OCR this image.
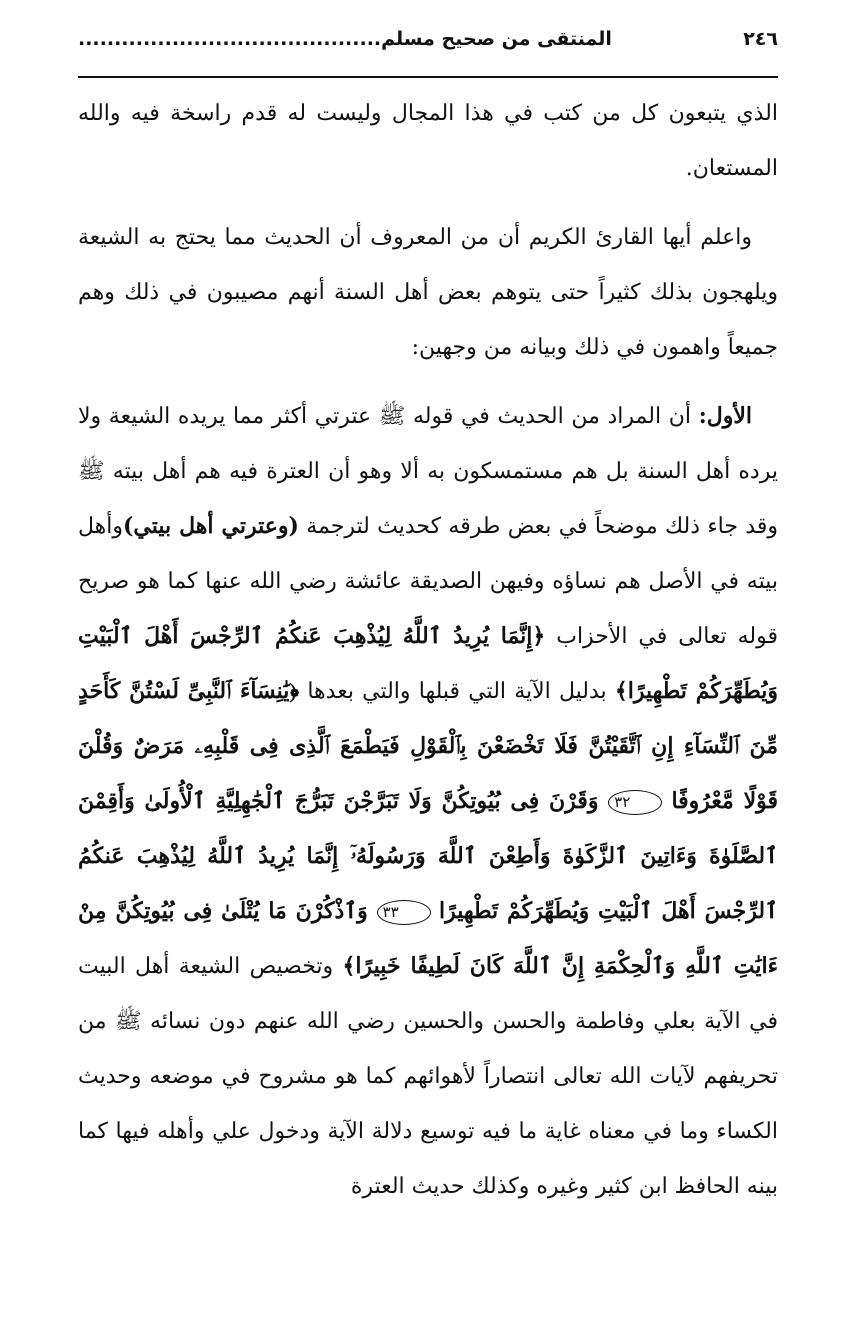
٢٤٦
المنتقى من صحيح مسلم..........................................

الذي يتبعون كل من كتب في هذا المجال وليست له قدم راسخة فيه والله المستعان.

واعلم أيها القارئ الكريم أن من المعروف أن الحديث مما يحتج به الشيعة ويلهجون بذلك كثيراً حتى يتوهم بعض أهل السنة أنهم مصيبون في ذلك وهم جميعاً واهمون في ذلك وبيانه من وجهين:

الأول: أن المراد من الحديث في قوله ﷺ عترتي أكثر مما يريده الشيعة ولا يرده أهل السنة بل هم مستمسكون به ألا وهو أن العترة فيه هم أهل بيته ﷺ وقد جاء ذلك موضحاً في بعض طرقه كحديث لترجمة (وعترتي أهل بيتي)وأهل بيته في الأصل هم نساؤه وفيهن الصديقة عائشة رضي الله عنها كما هو صريح قوله تعالى في الأحزاب ﴿إِنَّمَا يُرِيدُ ٱللَّهُ لِيُذْهِبَ عَنكُمُ ٱلرِّجْسَ أَهْلَ ٱلْبَيْتِ وَيُطَهِّرَكُمْ تَطْهِيرًا﴾ بدليل الآية التي قبلها والتي بعدها ﴿يَٰنِسَآءَ ٱلنَّبِىِّ لَسْتُنَّ كَأَحَدٍ مِّنَ ٱلنِّسَآءِ إِنِ ٱتَّقَيْتُنَّ فَلَا تَخْضَعْنَ بِٱلْقَوْلِ فَيَطْمَعَ ٱلَّذِى فِى قَلْبِهِۦ مَرَضٌ وَقُلْنَ قَوْلًا مَّعْرُوفًا ٣٢ وَقَرْنَ فِى بُيُوتِكُنَّ وَلَا تَبَرَّجْنَ تَبَرُّجَ ٱلْجَٰهِلِيَّةِ ٱلْأُولَىٰ وَأَقِمْنَ ٱلصَّلَوٰةَ وَءَاتِينَ ٱلزَّكَوٰةَ وَأَطِعْنَ ٱللَّهَ وَرَسُولَهُۥٓ إِنَّمَا يُرِيدُ ٱللَّهُ لِيُذْهِبَ عَنكُمُ ٱلرِّجْسَ أَهْلَ ٱلْبَيْتِ وَيُطَهِّرَكُمْ تَطْهِيرًا ٣٣ وَٱذْكُرْنَ مَا يُتْلَىٰ فِى بُيُوتِكُنَّ مِنْ ءَايَٰتِ ٱللَّهِ وَٱلْحِكْمَةِ إِنَّ ٱللَّهَ كَانَ لَطِيفًا خَبِيرًا﴾ وتخصيص الشيعة أهل البيت في الآية بعلي وفاطمة والحسن والحسين رضي الله عنهم دون نسائه ﷺ من تحريفهم لآيات الله تعالى انتصاراً لأهوائهم كما هو مشروح في موضعه وحديث الكساء وما في معناه غاية ما فيه توسيع دلالة الآية ودخول علي وأهله فيها كما بينه الحافظ ابن كثير وغيره وكذلك حديث العترة
